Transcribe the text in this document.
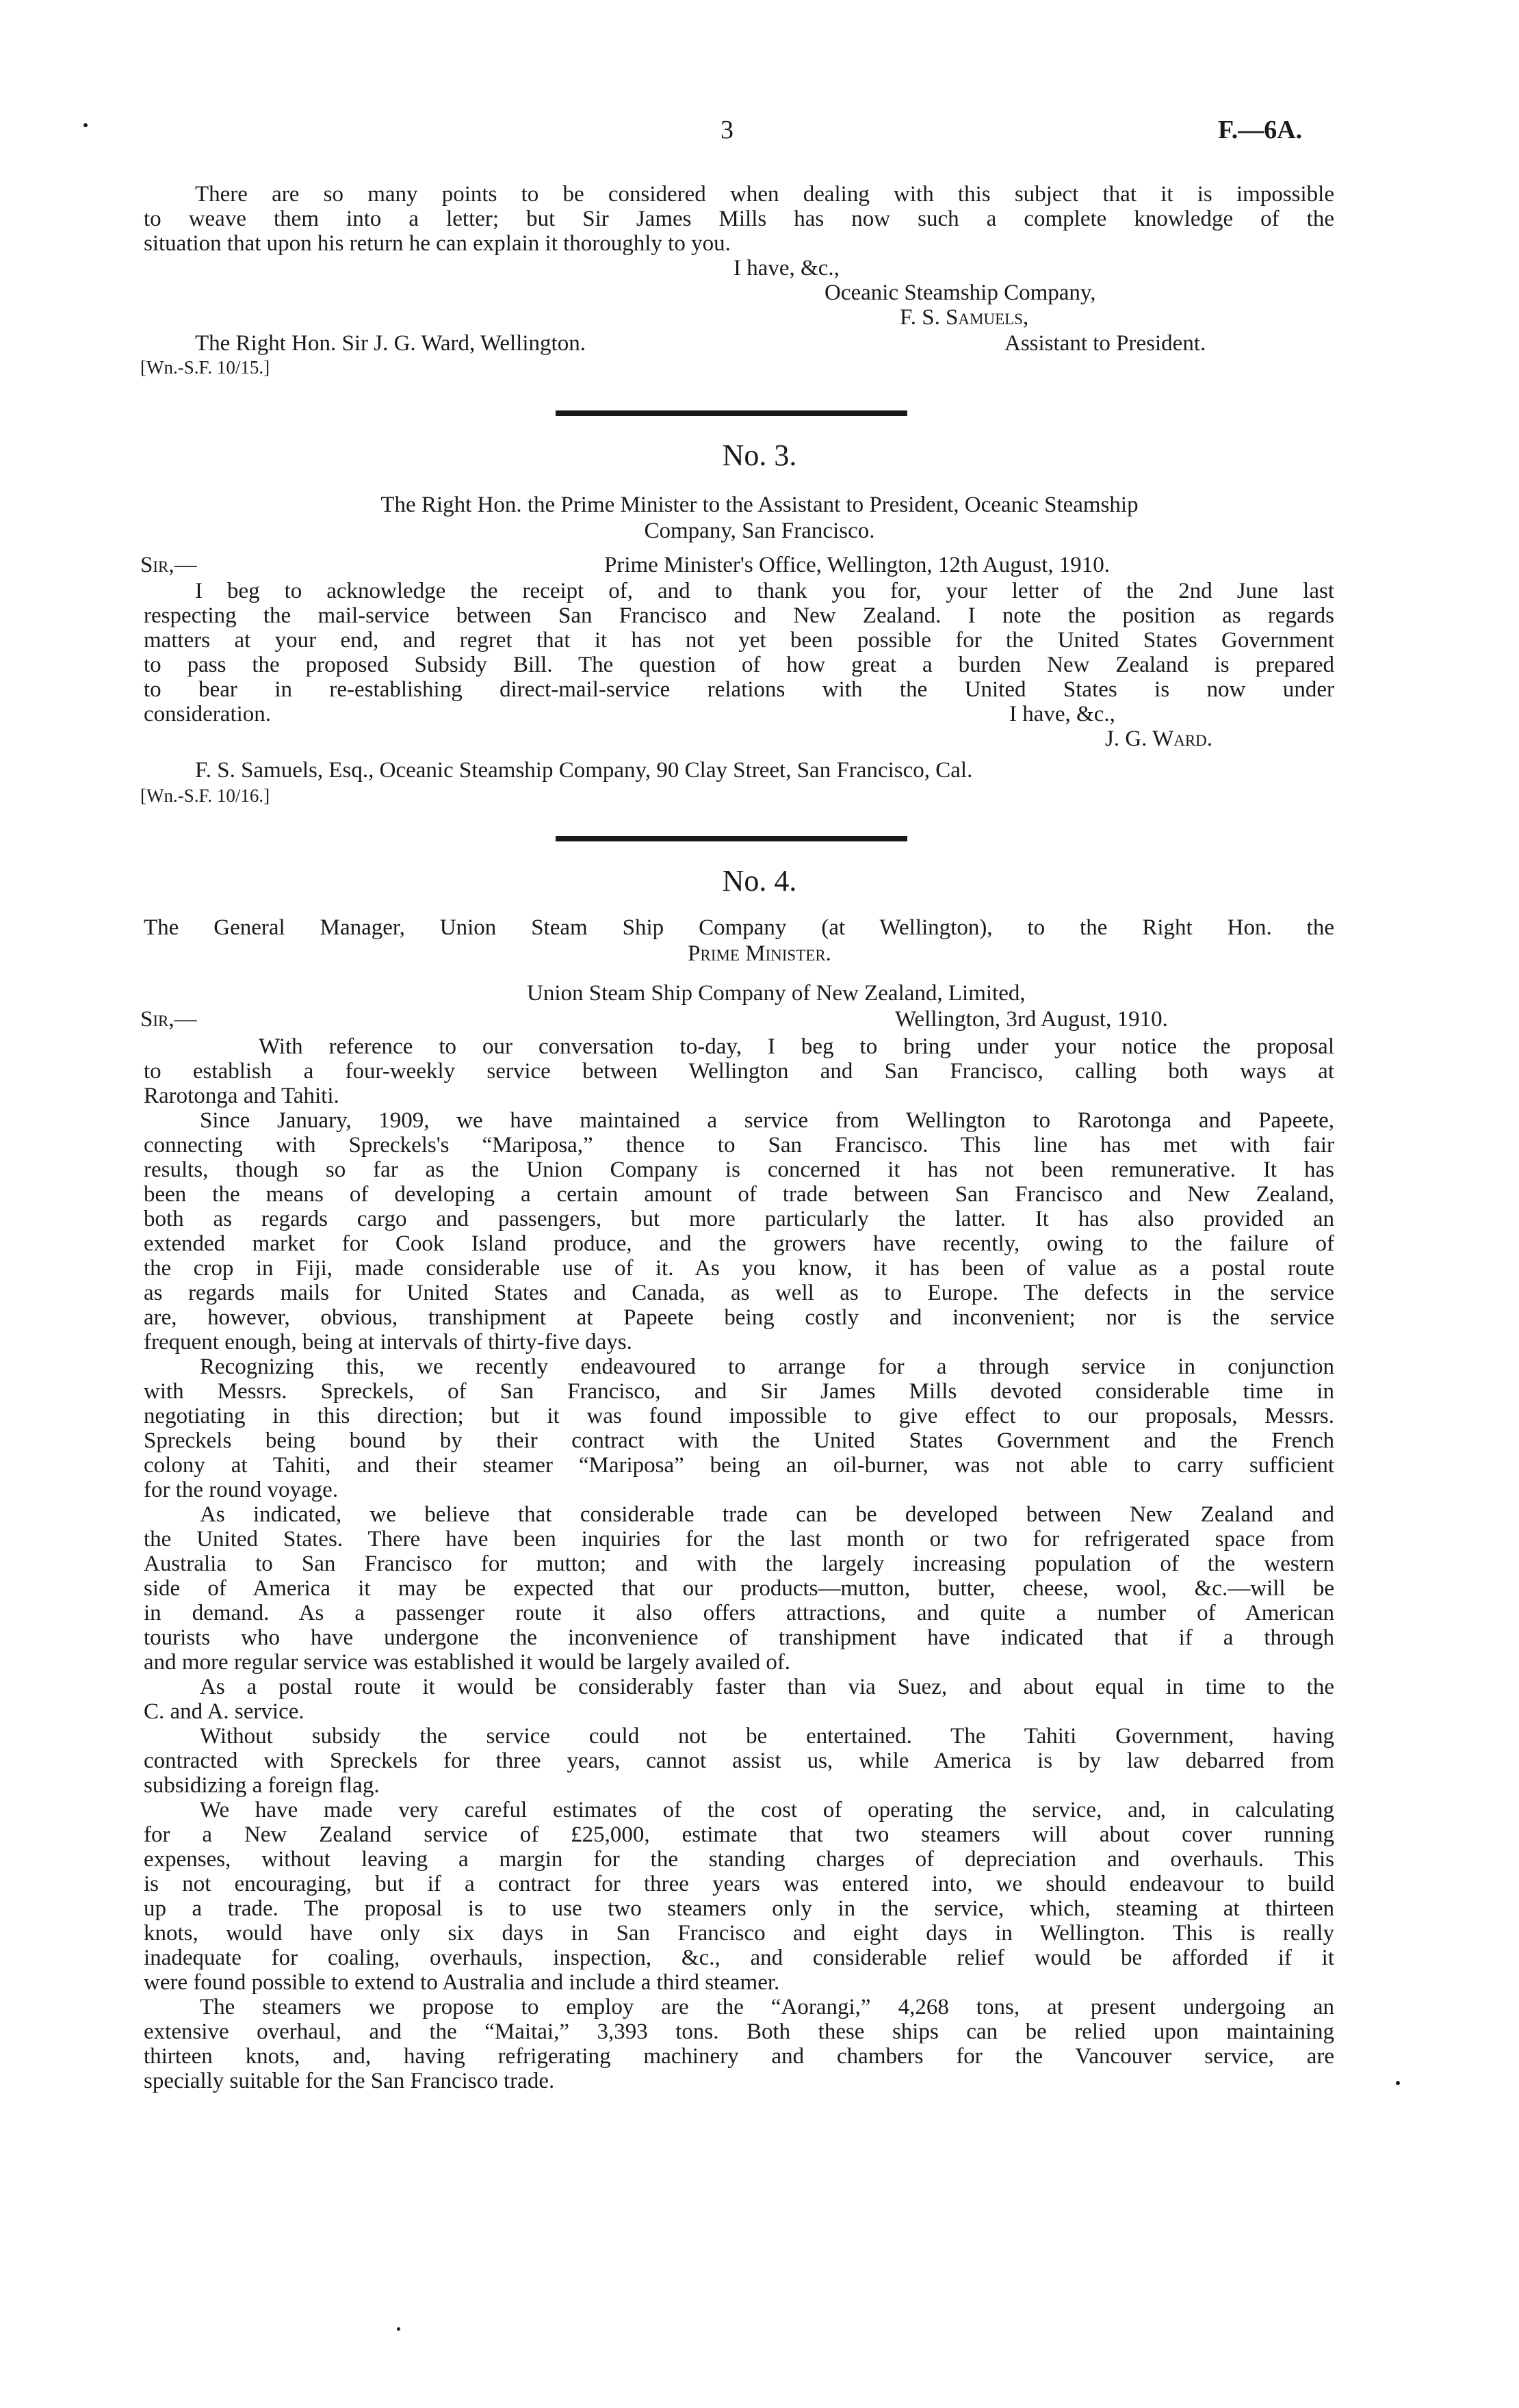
3	F.—6A.
There are so many points to be considered when dealing with this subject that it is impossible
to weave them into a letter; but Sir James Mills has now such a complete knowledge of the
situation that upon his return he can explain it thoroughly to you.
I have, &c.,
Oceanic Steamship Company,
F. S. Samuels,
The Right Hon. Sir J. G. Ward, Wellington.	Assistant to President.
[Wn.-S.F. 10/15.]
No. 3.
The Right Hon. the Prime Minister to the Assistant to President, Oceanic Steamship
Company, San Francisco.
Sir,—	Prime Minister's Office, Wellington, 12th August, 1910.
I beg to acknowledge the receipt of, and to thank you for, your letter of the 2nd June last
respecting the mail-service between San Francisco and New Zealand. I note the position as regards
matters at your end, and regret that it has not yet been possible for the United States Government
to pass the proposed Subsidy Bill. The question of how great a burden New Zealand is prepared
to bear in re-establishing direct-mail-service relations with the United States is now under
consideration.	I have, &c.,
J. G. Ward.
F. S. Samuels, Esq., Oceanic Steamship Company, 90 Clay Street, San Francisco, Cal.
[Wn.-S.F. 10/16.]
No. 4.
The General Manager, Union Steam Ship Company (at Wellington), to the Right Hon. the
Prime Minister.
Union Steam Ship Company of New Zealand, Limited,
Sir,—	Wellington, 3rd August, 1910.
With reference to our conversation to-day, I beg to bring under your notice the proposal
to establish a four-weekly service between Wellington and San Francisco, calling both ways at
Rarotonga and Tahiti.
Since January, 1909, we have maintained a service from Wellington to Rarotonga and Papeete,
connecting with Spreckels's “Mariposa,” thence to San Francisco. This line has met with fair
results, though so far as the Union Company is concerned it has not been remunerative. It has
been the means of developing a certain amount of trade between San Francisco and New Zealand,
both as regards cargo and passengers, but more particularly the latter. It has also provided an
extended market for Cook Island produce, and the growers have recently, owing to the failure of
the crop in Fiji, made considerable use of it. As you know, it has been of value as a postal route
as regards mails for United States and Canada, as well as to Europe. The defects in the service
are, however, obvious, transhipment at Papeete being costly and inconvenient; nor is the service
frequent enough, being at intervals of thirty-five days.
Recognizing this, we recently endeavoured to arrange for a through service in conjunction
with Messrs. Spreckels, of San Francisco, and Sir James Mills devoted considerable time in
negotiating in this direction; but it was found impossible to give effect to our proposals, Messrs.
Spreckels being bound by their contract with the United States Government and the French
colony at Tahiti, and their steamer “Mariposa” being an oil-burner, was not able to carry sufficient
for the round voyage.
As indicated, we believe that considerable trade can be developed between New Zealand and
the United States. There have been inquiries for the last month or two for refrigerated space from
Australia to San Francisco for mutton; and with the largely increasing population of the western
side of America it may be expected that our products—mutton, butter, cheese, wool, &c.—will be
in demand. As a passenger route it also offers attractions, and quite a number of American
tourists who have undergone the inconvenience of transhipment have indicated that if a through
and more regular service was established it would be largely availed of.
As a postal route it would be considerably faster than via Suez, and about equal in time to the
C. and A. service.
Without subsidy the service could not be entertained. The Tahiti Government, having
contracted with Spreckels for three years, cannot assist us, while America is by law debarred from
subsidizing a foreign flag.
We have made very careful estimates of the cost of operating the service, and, in calculating
for a New Zealand service of £25,000, estimate that two steamers will about cover running
expenses, without leaving a margin for the standing charges of depreciation and overhauls. This
is not encouraging, but if a contract for three years was entered into, we should endeavour to build
up a trade. The proposal is to use two steamers only in the service, which, steaming at thirteen
knots, would have only six days in San Francisco and eight days in Wellington. This is really
inadequate for coaling, overhauls, inspection, &c., and considerable relief would be afforded if it
were found possible to extend to Australia and include a third steamer.
The steamers we propose to employ are the “Aorangi,” 4,268 tons, at present undergoing an
extensive overhaul, and the “Maitai,” 3,393 tons. Both these ships can be relied upon maintaining
thirteen knots, and, having refrigerating machinery and chambers for the Vancouver service, are
specially suitable for the San Francisco trade.
